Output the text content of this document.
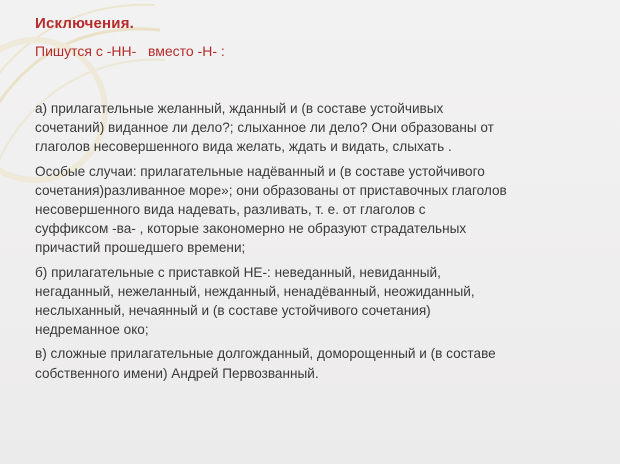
Исключения.
Пишутся с -НН-   вместо -Н- :

а) прилагательные желанный, жданный и (в составе устойчивых
сочетаний) виданное ли дело?; слыханное ли дело? Они образованы от
глаголов несовершенного вида желать, ждать и видать, слыхать .

Особые случаи: прилагательные надёванный и (в составе устойчивого
сочетания)разливанное море»; они образованы от приставочных глаголов
несовершенного вида надевать, разливать, т. е. от глаголов с
суффиксом -ва- , которые закономерно не образуют страдательных
причастий прошедшего времени;

б) прилагательные с приставкой НЕ-: неведанный, невиданный,
негаданный, нежеланный, нежданный, ненадёванный, неожиданный,
неслыханный, нечаянный и (в составе устойчивого сочетания)
недреманное око;

в) сложные прилагательные долгожданный, доморощенный и (в составе
собственного имени) Андрей Первозванный.
